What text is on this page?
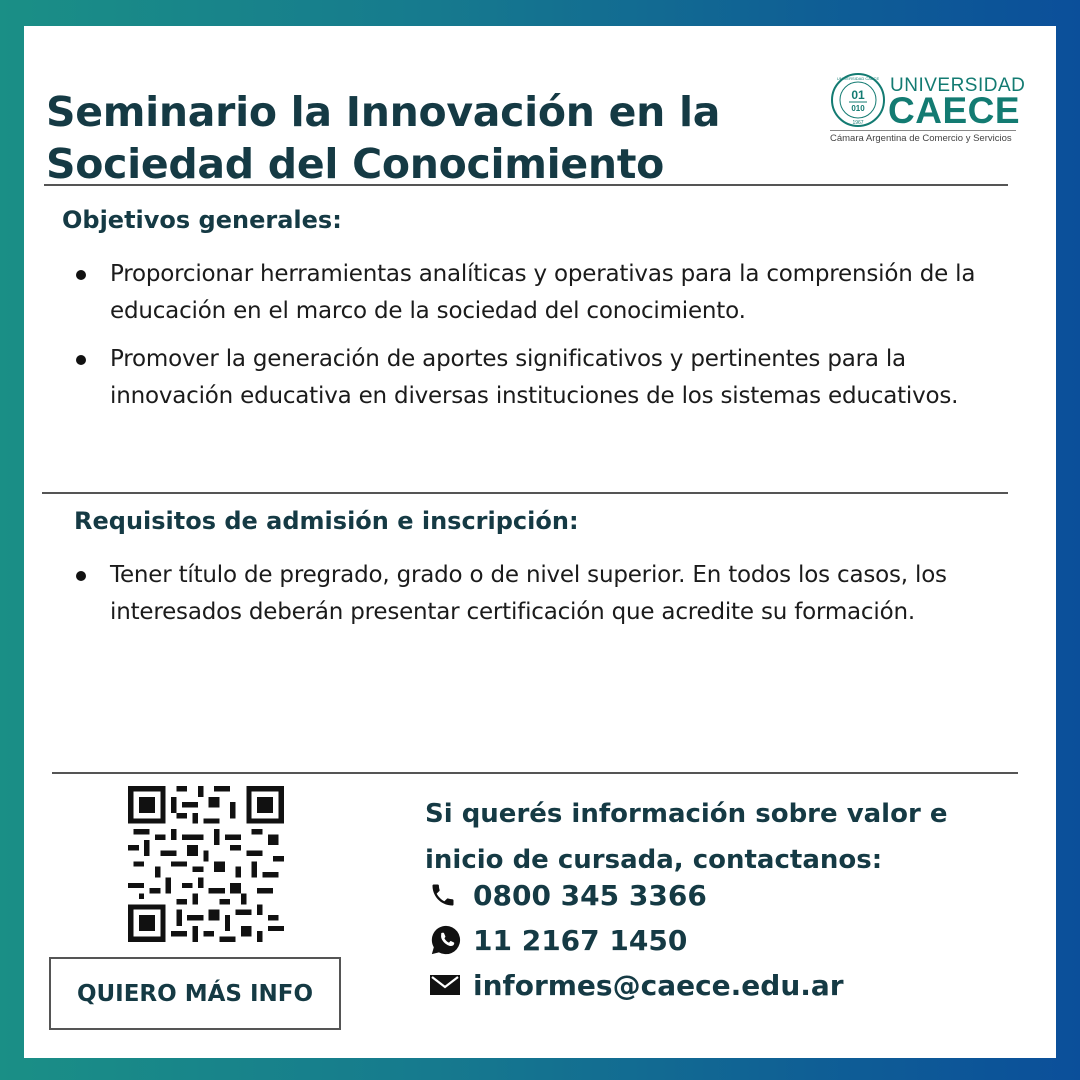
Seminario la Innovación en la
Sociedad del Conocimiento
01
010
1967
UNIVERSIDAD CAECE UNIVERSIDAD
CAECE
Cámara Argentina de Comercio y Servicios
Objetivos generales:
Proporcionar herramientas analíticas y operativas para la comprensión de la educación en el marco de la sociedad del conocimiento.
Promover la generación de aportes significativos y pertinentes para la innovación educativa en diversas instituciones de los sistemas educativos.
Requisitos de admisión e inscripción:
Tener título de pregrado, grado o de nivel superior. En todos los casos, los interesados deberán presentar certificación que acredite su formación.
QUIERO MÁS INFO

Si querés información sobre valor e inicio de cursada, contactanos:

0800 345 3366
11 2167 1450
informes@caece.edu.ar
